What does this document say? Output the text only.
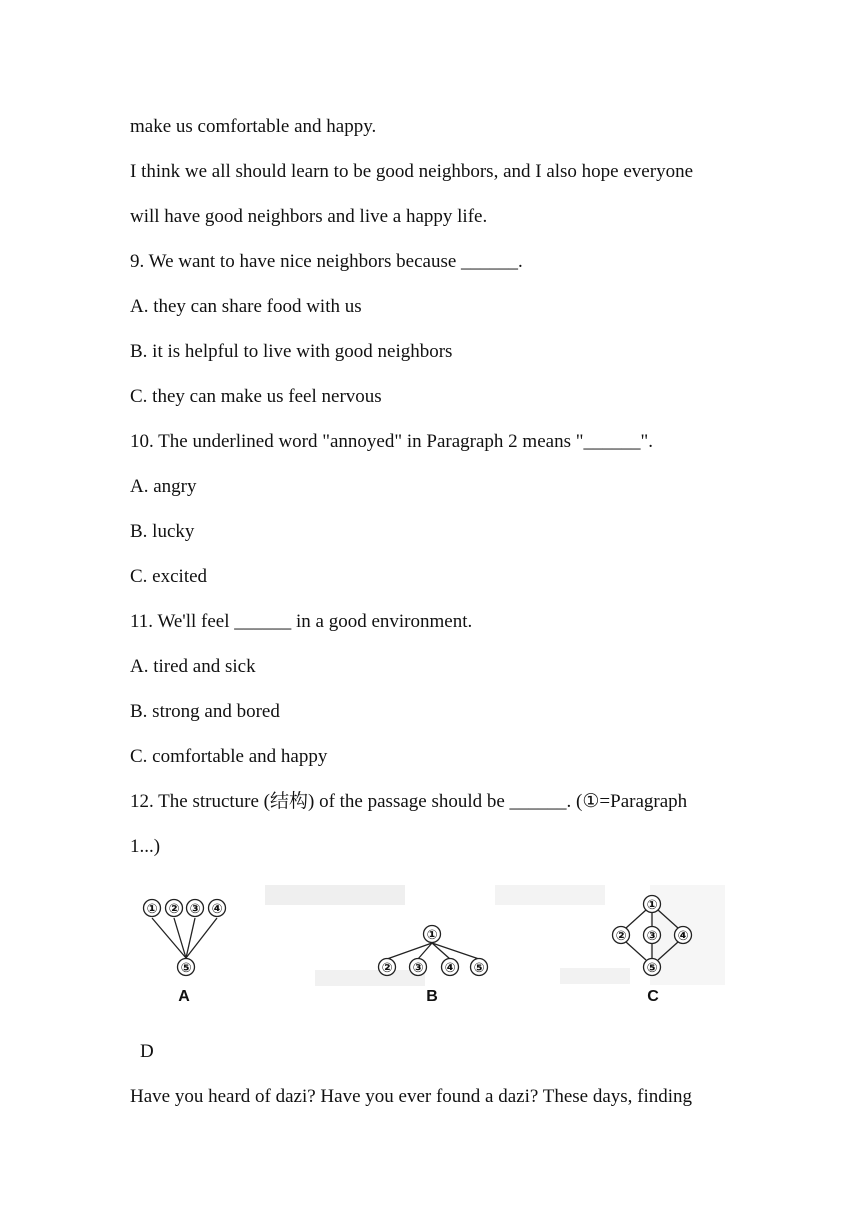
make us comfortable and happy.
I think we all should learn to be good neighbors, and I also hope everyone
will have good neighbors and live a happy life.
9. We want to have nice neighbors because ______.
A. they can share food with us
B. it is helpful to live with good neighbors
C. they can make us feel nervous
10. The underlined word "annoyed" in Paragraph 2 means "______".
A. angry
B. lucky
C. excited
11. We'll feel ______ in a good environment.
A. tired and sick
B. strong and bored
C. comfortable and happy
12. The structure (结构) of the passage should be ______. (①=Paragraph
1...)
① ② ③ ④
⑤
A
①
② ③ ④ ⑤
B
①
② ③ ④
⑤
C
D
Have you heard of dazi? Have you ever found a dazi? These days, finding
